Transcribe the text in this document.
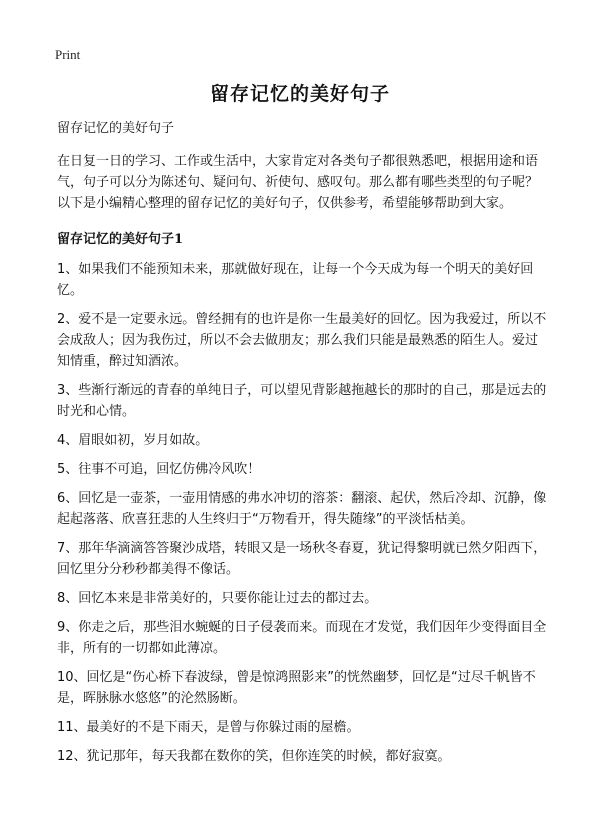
Print
留存记忆的美好句子

留存记忆的美好句子

在日复一日的学习、工作或生活中，大家肯定对各类句子都很熟悉吧，根据用途和语气，句子可以分为陈述句、疑问句、祈使句、感叹句。那么都有哪些类型的句子呢？以下是小编精心整理的留存记忆的美好句子，仅供参考，希望能够帮助到大家。

留存记忆的美好句子1

1、如果我们不能预知未来，那就做好现在，让每一个今天成为每一个明天的美好回忆。

2、爱不是一定要永远。曾经拥有的也许是你一生最美好的回忆。因为我爱过，所以不会成敌人；因为我伤过，所以不会去做朋友；那么我们只能是最熟悉的陌生人。爱过知情重，醉过知酒浓。

3、些渐行渐远的青春的单纯日子，可以望见背影越拖越长的那时的自己，那是远去的时光和心情。

4、眉眼如初，岁月如故。

5、往事不可追，回忆仿佛冷风吹！

6、回忆是一壶茶，一壶用情感的弗水冲切的溶茶：翻滚、起伏，然后冷却、沉静，像起起落落、欣喜狂悲的人生终归于“万物看开，得失随缘”的平淡恬枯美。

7、那年华滴滴答答聚沙成塔，转眼又是一场秋冬春夏，犹记得黎明就已然夕阳西下，回忆里分分秒秒都美得不像话。

8、回忆本来是非常美好的，只要你能让过去的都过去。

9、你走之后，那些泪水蜿蜒的日子侵袭而来。而现在才发觉，我们因年少变得面目全非，所有的一切都如此薄凉。

10、回忆是“伤心桥下春波绿，曾是惊鸿照影来”的恍然幽梦，回忆是“过尽千帆皆不是，晖脉脉水悠悠”的沦然肠断。

11、最美好的不是下雨天，是曾与你躲过雨的屋檐。

12、犹记那年，每天我都在数你的笑，但你连笑的时候，都好寂寞。
